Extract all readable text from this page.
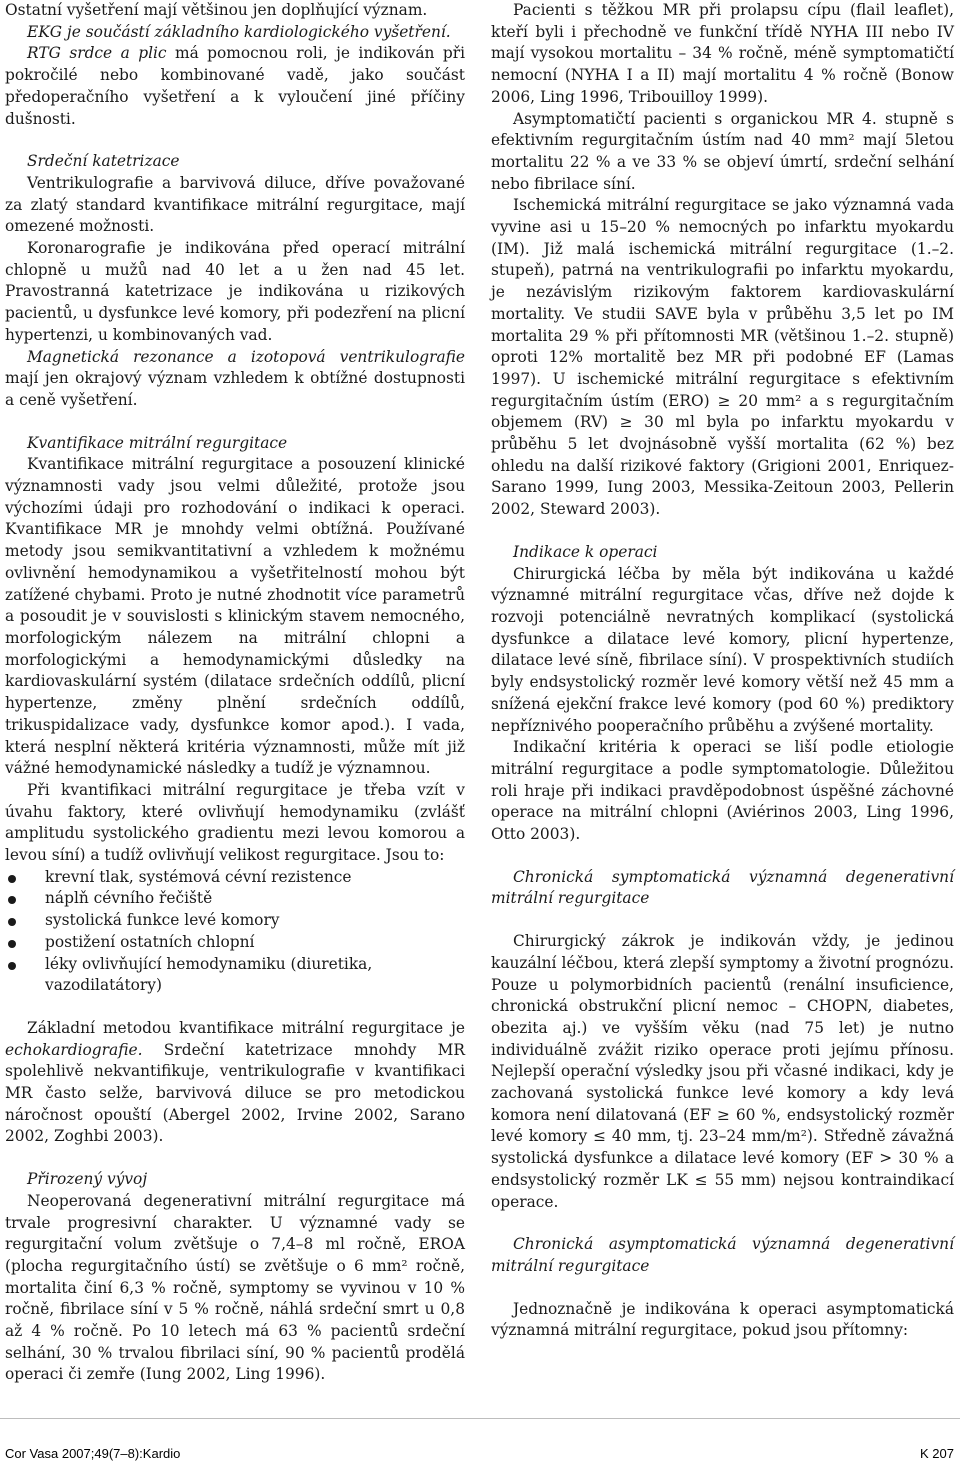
Ostatní vyšetření mají většinou jen doplňující význam.

EKG je součástí základního kardiologického vyšetření.

RTG srdce a plic má pomocnou roli, je indikován při pokročilé nebo kombinované vadě, jako součást předoperačního vyšetření a k vyloučení jiné příčiny dušnosti.

Srdeční katetrizace

Ventrikulografie a barvivová diluce, dříve považované za zlatý standard kvantifikace mitrální regurgitace, mají omezené možnosti.

Koronarografie je indikována před operací mitrální chlopně u mužů nad 40 let a u žen nad 45 let. Pravostranná katetrizace je indikována u rizikových pacientů, u dysfunkce levé komory, při podezření na plicní hypertenzi, u kombinovaných vad.

Magnetická rezonance a izotopová ventrikulografie mají jen okrajový význam vzhledem k obtížné dostupnosti a ceně vyšetření.

Kvantifikace mitrální regurgitace

Kvantifikace mitrální regurgitace a posouzení klinické významnosti vady jsou velmi důležité, protože jsou výchozími údaji pro rozhodování o indikaci k operaci. Kvantifikace MR je mnohdy velmi obtížná. Používané metody jsou semikvantitativní a vzhledem k možnému ovlivnění hemodynamikou a vyšetřitelností mohou být zatížené chybami. Proto je nutné zhodnotit více parametrů a posoudit je v souvislosti s klinickým stavem nemocného, morfologickým nálezem na mitrální chlopni a morfologickými a hemodynamickými důsledky na kardiovaskulární systém (dilatace srdečních oddílů, plicní hypertenze, změny plnění srdečních oddílů, trikuspidalizace vady, dysfunkce komor apod.). I vada, která nesplní některá kritéria významnosti, může mít již vážné hemodynamické následky a tudíž je významnou.

Při kvantifikaci mitrální regurgitace je třeba vzít v úvahu faktory, které ovlivňují hemodynamiku (zvlášť amplitudu systolického gradientu mezi levou komorou a levou síní) a tudíž ovlivňují velikost regurgitace. Jsou to:

krevní tlak, systémová cévní rezistence
náplň cévního řečiště
systolická funkce levé komory
postižení ostatních chlopní
léky ovlivňující hemodynamiku (diuretika, vazodilatátory)

Základní metodou kvantifikace mitrální regurgitace je echokardiografie. Srdeční katetrizace mnohdy MR spolehlivě nekvantifikuje, ventrikulografie v kvantifikaci MR často selže, barvivová diluce se pro metodickou náročnost opouští (Abergel 2002, Irvine 2002, Sarano 2002, Zoghbi 2003).

Přirozený vývoj

Neoperovaná degenerativní mitrální regurgitace má trvale progresivní charakter. U významné vady se regurgitační volum zvětšuje o 7,4–8 ml ročně, EROA (plocha regurgitačního ústí) se zvětšuje o 6 mm² ročně, mortalita činí 6,3 % ročně, symptomy se vyvinou v 10 % ročně, fibrilace síní v 5 % ročně, náhlá srdeční smrt u 0,8 až 4 % ročně. Po 10 letech má 63 % pacientů srdeční selhání, 30 % trvalou fibrilaci síní, 90 % pacientů prodělá operaci či zemře (Iung 2002, Ling 1996).

Pacienti s těžkou MR při prolapsu cípu (flail leaflet), kteří byli i přechodně ve funkční třídě NYHA III nebo IV mají vysokou mortalitu – 34 % ročně, méně symptomatičtí nemocní (NYHA I a II) mají mortalitu 4 % ročně (Bonow 2006, Ling 1996, Tribouilloy 1999).

Asymptomatičtí pacienti s organickou MR 4. stupně s efektivním regurgitačním ústím nad 40 mm² mají 5letou mortalitu 22 % a ve 33 % se objeví úmrtí, srdeční selhání nebo fibrilace síní.

Ischemická mitrální regurgitace se jako významná vada vyvine asi u 15–20 % nemocných po infarktu myokardu (IM). Již malá ischemická mitrální regurgitace (1.–2. stupeň), patrná na ventrikulografii po infarktu myokardu, je nezávislým rizikovým faktorem kardiovaskulární mortality. Ve studii SAVE byla v průběhu 3,5 let po IM mortalita 29 % při přítomnosti MR (většinou 1.–2. stupně) oproti 12% mortalitě bez MR při podobné EF (Lamas 1997). U ischemické mitrální regurgitace s efektivním regurgitačním ústím (ERO) ≥ 20 mm² a s regurgitačním objemem (RV) ≥ 30 ml byla po infarktu myokardu v průběhu 5 let dvojnásobně vyšší mortalita (62 %) bez ohledu na další rizikové faktory (Grigioni 2001, Enriquez-Sarano 1999, Iung 2003, Messika-Zeitoun 2003, Pellerin 2002, Steward 2003).

Indikace k operaci

Chirurgická léčba by měla být indikována u každé významné mitrální regurgitace včas, dříve než dojde k rozvoji potenciálně nevratných komplikací (systolická dysfunkce a dilatace levé komory, plicní hypertenze, dilatace levé síně, fibrilace síní). V prospektivních studiích byly endsystolický rozměr levé komory větší než 45 mm a snížená ejekční frakce levé komory (pod 60 %) prediktory nepříznivého pooperačního průběhu a zvýšené mortality.

Indikační kritéria k operaci se liší podle etiologie mitrální regurgitace a podle symptomatologie. Důležitou roli hraje při indikaci pravděpodobnost úspěšné záchovné operace na mitrální chlopni (Aviérinos 2003, Ling 1996, Otto 2003).

Chronická symptomatická významná degenerativní mitrální regurgitace

Chirurgický zákrok je indikován vždy, je jedinou kauzální léčbou, která zlepší symptomy a životní prognózu. Pouze u polymorbidních pacientů (renální insuficience, chronická obstrukční plicní nemoc – CHOPN, diabetes, obezita aj.) ve vyšším věku (nad 75 let) je nutno individuálně zvážit riziko operace proti jejímu přínosu. Nejlepší operační výsledky jsou při včasné indikaci, kdy je zachovaná systolická funkce levé komory a kdy levá komora není dilatovaná (EF ≥ 60 %, endsystolický rozměr levé komory ≤ 40 mm, tj. 23–24 mm/m²). Středně závažná systolická dysfunkce a dilatace levé komory (EF > 30 % a endsystolický rozměr LK ≤ 55 mm) nejsou kontraindikací operace.

Chronická asymptomatická významná degenerativní mitrální regurgitace

Jednoznačně je indikována k operaci asymptomatická významná mitrální regurgitace, pokud jsou přítomny:

Cor Vasa 2007;49(7–8):Kardio	K 207
